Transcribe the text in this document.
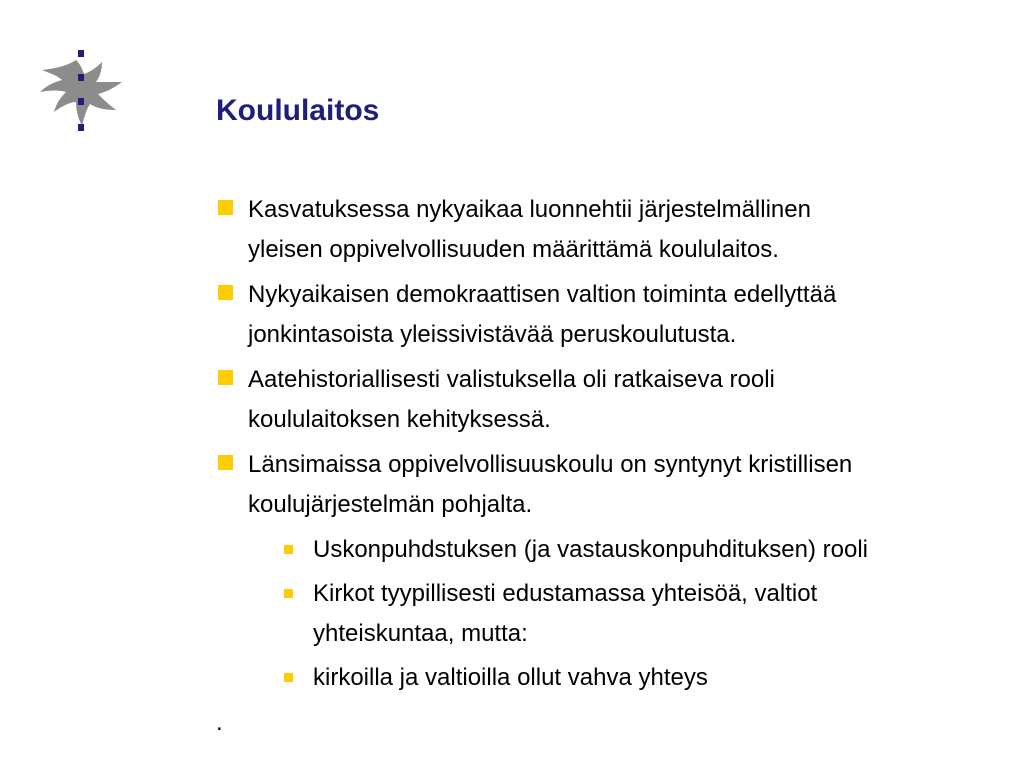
Koululaitos
Kasvatuksessa nykyaikaa luonnehtii järjestelmällinen
yleisen oppivelvollisuuden määrittämä koululaitos.
Nykyaikaisen demokraattisen valtion toiminta edellyttää
jonkintasoista yleissivistävää peruskoulutusta.
Aatehistoriallisesti valistuksella oli ratkaiseva rooli
koululaitoksen kehityksessä.
Länsimaissa oppivelvollisuuskoulu on syntynyt kristillisen
koulujärjestelmän pohjalta.
Uskonpuhdstuksen (ja vastauskonpuhdituksen) rooli
Kirkot tyypillisesti edustamassa yhteisöä, valtiot
yhteiskuntaa, mutta:
kirkoilla ja valtioilla ollut vahva yhteys
.
